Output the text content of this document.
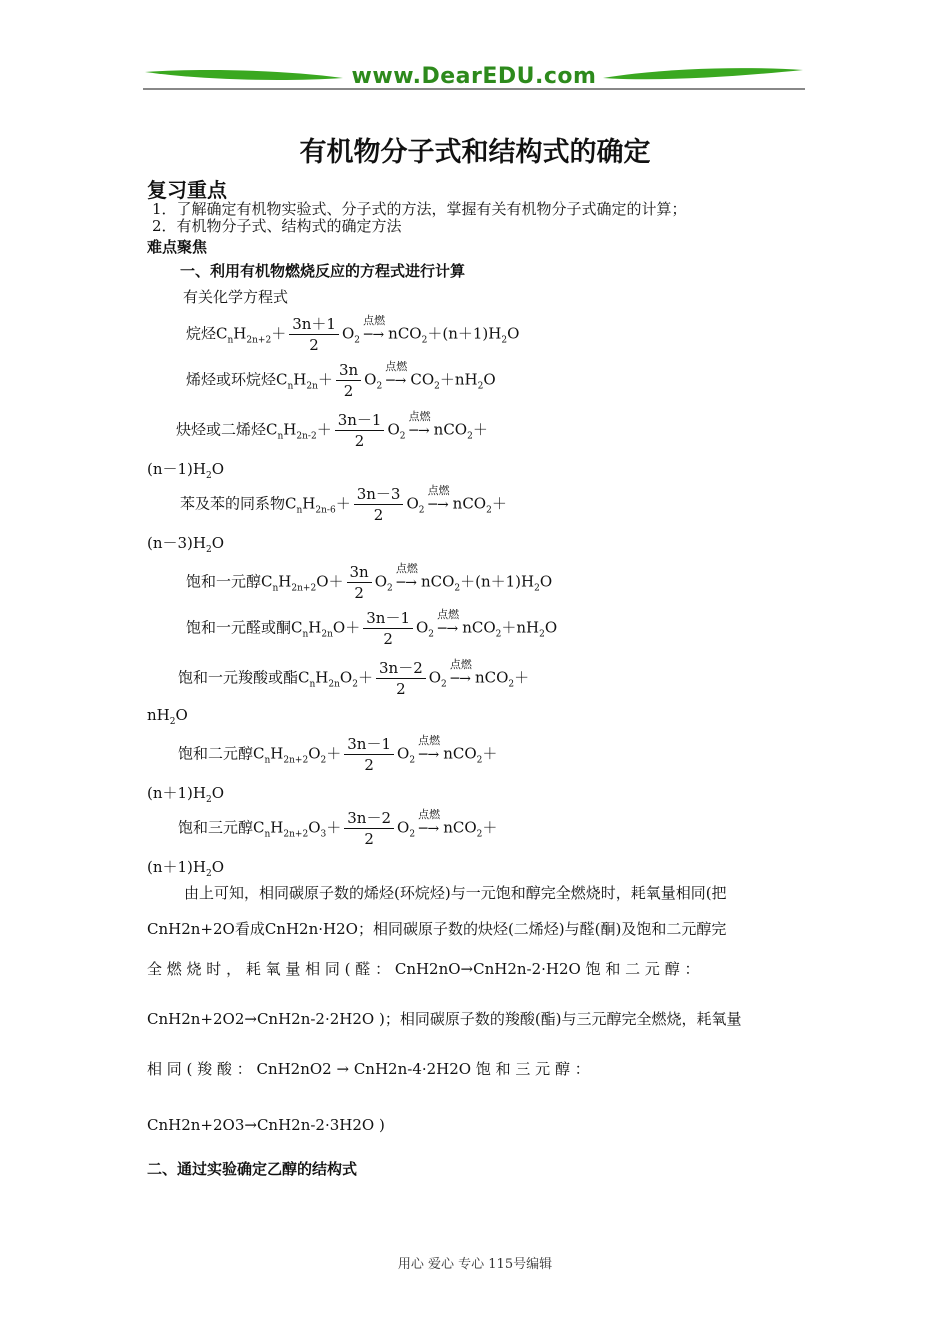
www.DearEDU.com
有机物分子式和结构式的确定
复习重点
1．了解确定有机物实验式、分子式的方法，掌握有关有机物分子式确定的计算；
2．有机物分子式、结构式的确定方法
难点聚焦
一、利用有机物燃烧反应的方程式进行计算
有关化学方程式
烷烃$C_nH_{2n+2}+ \frac{3n+1}{2} O_2$ ─
点燃
→ $nCO_2+(n+1)H_2O$
烯烃或环烷烃$C_nH_{2n}+ \frac{3n}{2} O_2$ ─
点燃
→ $CO_2+nH_2O$
炔烃或二烯烃$C_nH_{2n-2}+ \frac{3n-1}{2} O_2$ ─
点燃
→ nCO$_2$＋
$(n-1)H_2O$
苯及苯的同系物$C_nH_{2n-6}+ \frac{3n-3}{2} O_2$ ─
点燃
→ nCO$_2$＋
$(n-3)H_2O$
饱和一元醇$C_nH_{2n+2}O+ \frac{3n}{2} O_2$ ─
点燃
→ $nCO_2+(n+1)H_2O$
饱和一元醛或酮$C_nH_{2n}O+ \frac{3n-1}{2} O_2$ ─
点燃
→ $nCO_2+nH_2O$
饱和一元羧酸或酯$C_nH_{2n}O_2+ \frac{3n-2}{2} O_2$ ─
点燃
→ nCO$_2$＋
$nH_2O$
饱和二元醇$C_nH_{2n+2}O_2+ \frac{3n-1}{2} O_2$ ─
点燃
→ nCO$_2$＋
$(n+1)H_2O$
饱和三元醇$C_nH_{2n+2}O_3+ \frac{3n-2}{2} O_2$ ─
点燃
→ nCO$_2$＋
$(n+1)H_2O$
由上可知，相同碳原子数的烯烃(环烷烃)与一元饱和醇完全燃烧时，耗氧量相同(把
CnH2n+2O看成CnH2n·H2O；相同碳原子数的炔烃(二烯烃)与醛(酮)及饱和二元醇完
全 燃 烧 时 ， 耗 氧 量 相 同 ( 醛 ： CnH2nO→CnH2n-2·H2O 饱 和 二 元 醇 ：
CnH2n+2O2→CnH2n-2·2H2O )；相同碳原子数的羧酸(酯)与三元醇完全燃烧，耗氧量
相 同 ( 羧 酸 ： CnH2nO2 → CnH2n-4·2H2O 饱 和 三 元 醇 ：
CnH2n+2O3→CnH2n-2·3H2O )
二、通过实验确定乙醇的结构式
用心 爱心 专心 115号编辑
